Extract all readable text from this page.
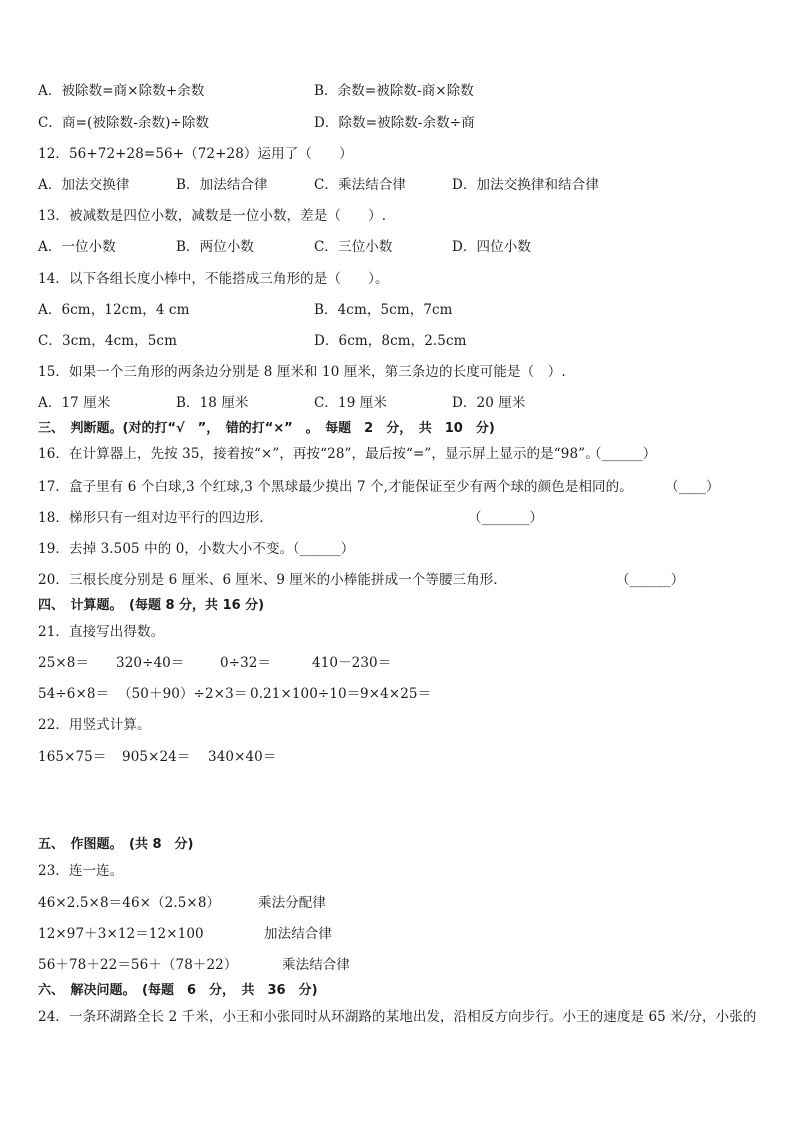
A．被除数=商×除数+余数	B．余数=被除数-商×除数
C．商=(被除数-余数)÷除数	D．除数=被除数-余数÷商
12．56+72+28=56+（72+28）运用了（　　）
A．加法交换律	B．加法结合律	C．乘法结合律	D．加法交换律和结合律
13．被减数是四位小数，减数是一位小数，差是（　　）.
A．一位小数	B．两位小数	C．三位小数	D．四位小数
14．以下各组长度小棒中，不能搭成三角形的是（　　）。
A．6cm，12cm，4 cm	B．4cm，5cm，7cm
C．3cm，4cm，5cm	D．6cm，8cm，2.5cm
15．如果一个三角形的两条边分别是 8 厘米和 10 厘米，第三条边的长度可能是（　）.
A．17 厘米	B．18 厘米	C．19 厘米	D．20 厘米
三、　判断题。(对的打“√　”，　错的打“×”　。　每题　2　分，　共　10　分)
16．在计算器上，先按 35，接着按“×”，再按“28”，最后按“=”，显示屏上显示的是“98”。
（______）
17．盒子里有 6 个白球,3 个红球,3 个黑球最少摸出 7 个,才能保证至少有两个球的颜色是相同的。 （____）
18．梯形只有一组对边平行的四边形．	（_______）
19．去掉 3.505 中的 0，小数大小不变。
（______）
20．三根长度分别是 6 厘米、6 厘米、9 厘米的小棒能拼成一个等腰三角形．	（______）
四、　计算题。　(每题 8 分，共 16 分)
21．直接写出得数。
25×8＝ 320÷40＝	0÷32＝	410－230＝
54÷6×8＝ （50＋90）÷2×3＝ 0.21×100÷10＝ 9×4×25＝
22．用竖式计算。
165×75＝ 905×24＝ 340×40＝
五、　作图题。　(共 8　分)
23．连一连。
46×2.5×8＝46×（2.5×8）	乘法分配律
12×97＋3×12＝12×100	加法结合律
56＋78＋22＝56＋（78＋22）	乘法结合律
六、　解决问题。　(每题　6　分，　共　36　分)
24．一条环湖路全长 2 千米，小王和小张同时从环湖路的某地出发，沿相反方向步行。小王的速度是 65 米/分，小张的
